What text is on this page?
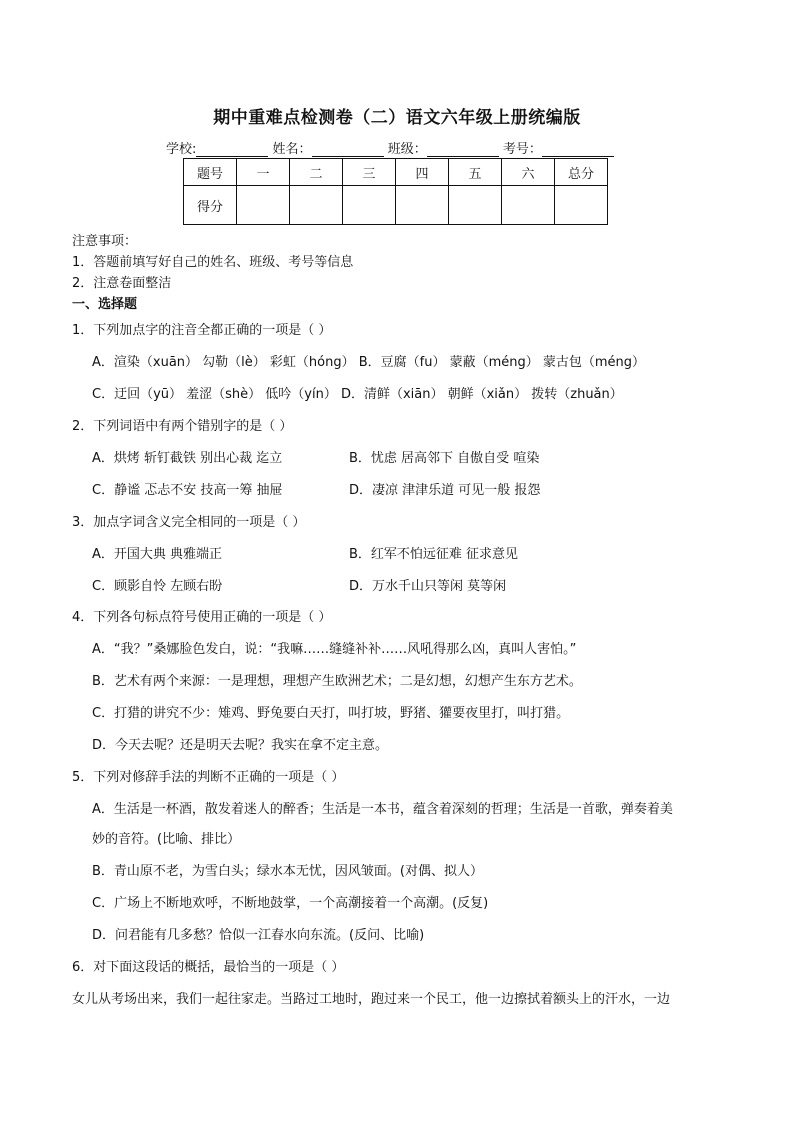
期中重难点检测卷（二）语文六年级上册统编版
学校:	姓名：	班级：	考号：
题号	一	二	三	四	五	六	总分
得分							
注意事项：
1．答题前填写好自己的姓名、班级、考号等信息
2．注意卷面整洁
一、选择题
1．下列加点字的注音全都正确的一项是（ ）
A．渲染（xuān） 勾勒（lè） 彩虹（hóng） B．豆腐（fu） 蒙蔽（méng） 蒙古包（méng）
C．迂回（yū） 羞涩（shè） 低吟（yín） D．清鲜（xiān） 朝鲜（xiǎn） 拨转（zhuǎn）
2．下列词语中有两个错别字的是（ ）
A．烘烤 斩钉截铁 别出心裁 迄立	B．忧虑 居高邻下 自傲自受 喧染
C．静谧 忑忐不安 技高一筹 抽屉	D．凄凉 津津乐道 可见一般 报怨
3．加点字词含义完全相同的一项是（ ）
A．开国大典 典雅端正	B．红军不怕远征难 征求意见
C．顾影自怜 左顾右盼	D．万水千山只等闲 莫等闲
4．下列各句标点符号使用正确的一项是（ ）
A．“我？”桑娜脸色发白，说：“我嘛……缝缝补补……风吼得那么凶，真叫人害怕。”
B．艺术有两个来源：一是理想，理想产生欧洲艺术；二是幻想，幻想产生东方艺术。
C．打猎的讲究不少：雉鸡、野兔要白天打，叫打坡，野猪、獾要夜里打，叫打猎。
D．今天去呢？还是明天去呢？我实在拿不定主意。
5．下列对修辞手法的判断不正确的一项是（ ）
A．生活是一杯酒，散发着迷人的醉香；生活是一本书，蕴含着深刻的哲理；生活是一首歌，弹奏着美
妙的音符。(比喻、排比）
B．青山原不老，为雪白头；绿水本无忧，因风皱面。(对偶、拟人）
C．广场上不断地欢呼，不断地鼓掌，一个高潮接着一个高潮。(反复)
D．问君能有几多愁？恰似一江春水向东流。(反问、比喻)
6．对下面这段话的概括，最恰当的一项是（ ）
女儿从考场出来，我们一起往家走。当路过工地时，跑过来一个民工，他一边擦拭着额头上的汗水，一边
